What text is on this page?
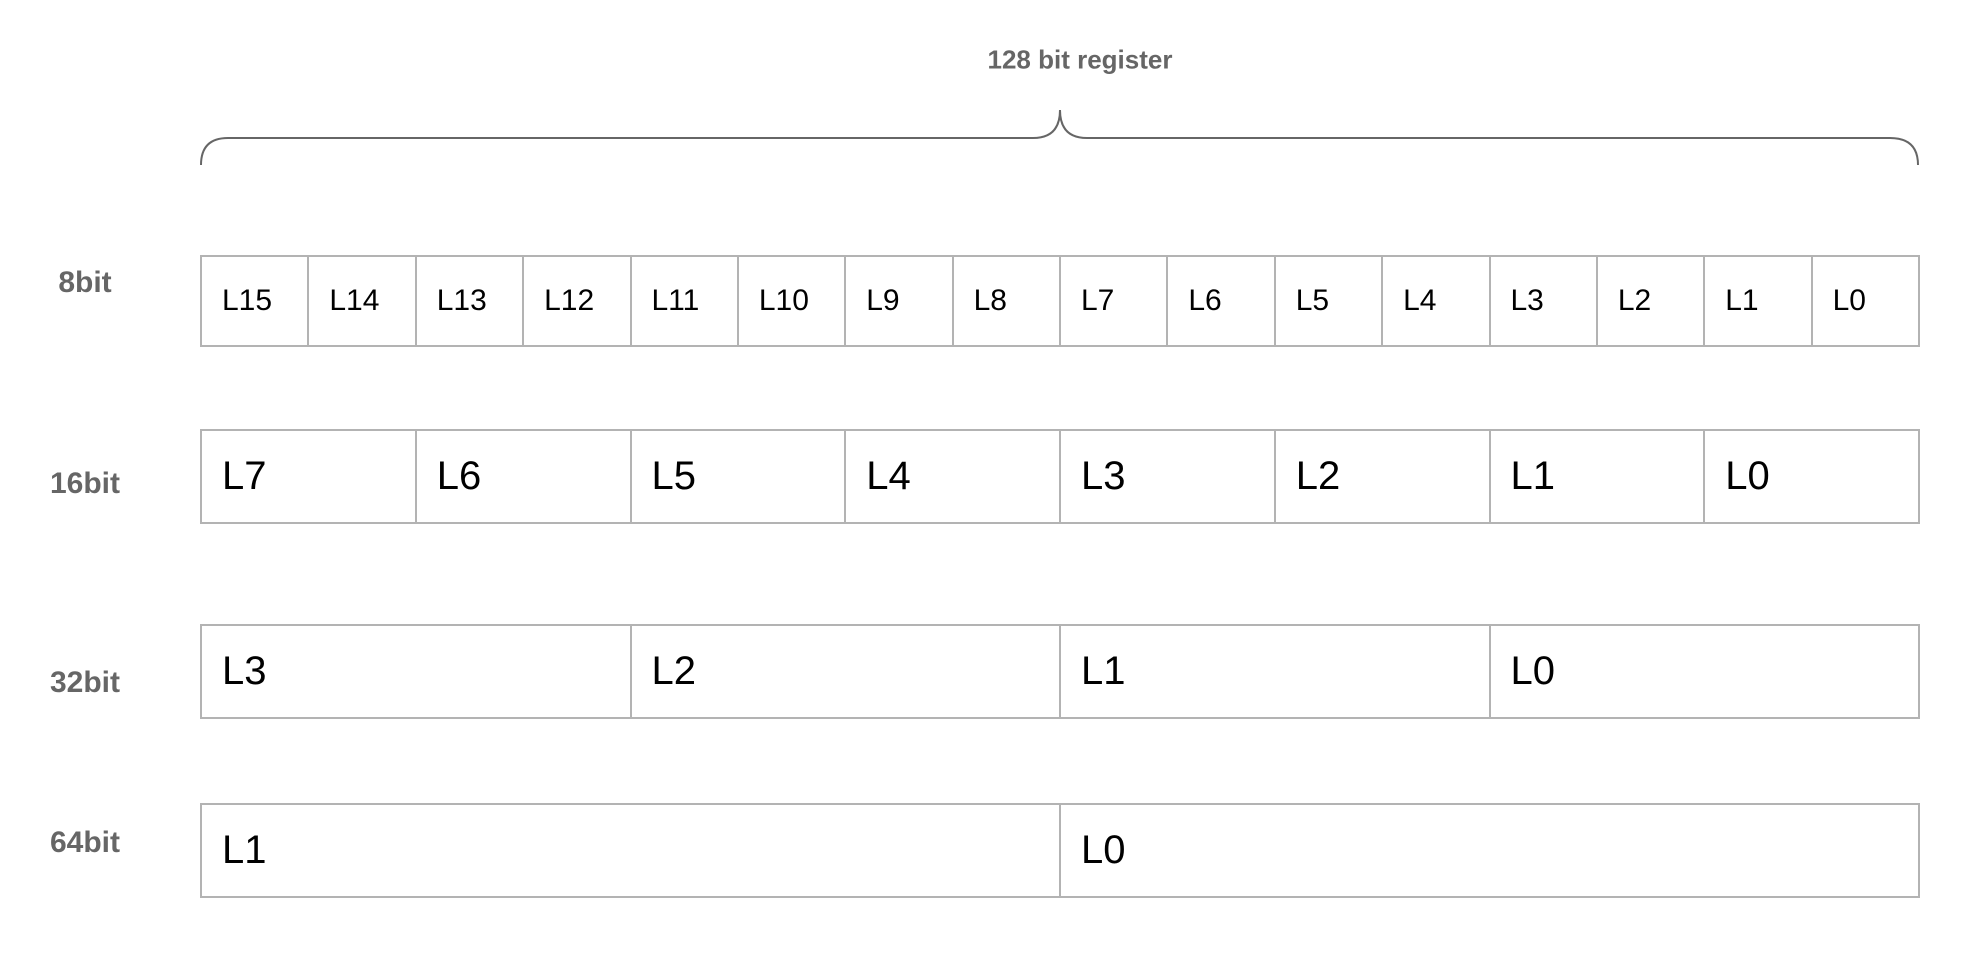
128 bit register
8bit
L15	L14	L13	L12	L11	L10	L9	L8	L7	L6	L5	L4	L3	L2	L1	L0
16bit	L7	L6	L5	L4	L3	L2	L1	L0
32bit	L3	L2	L1	L0
64bit	L1	L0
